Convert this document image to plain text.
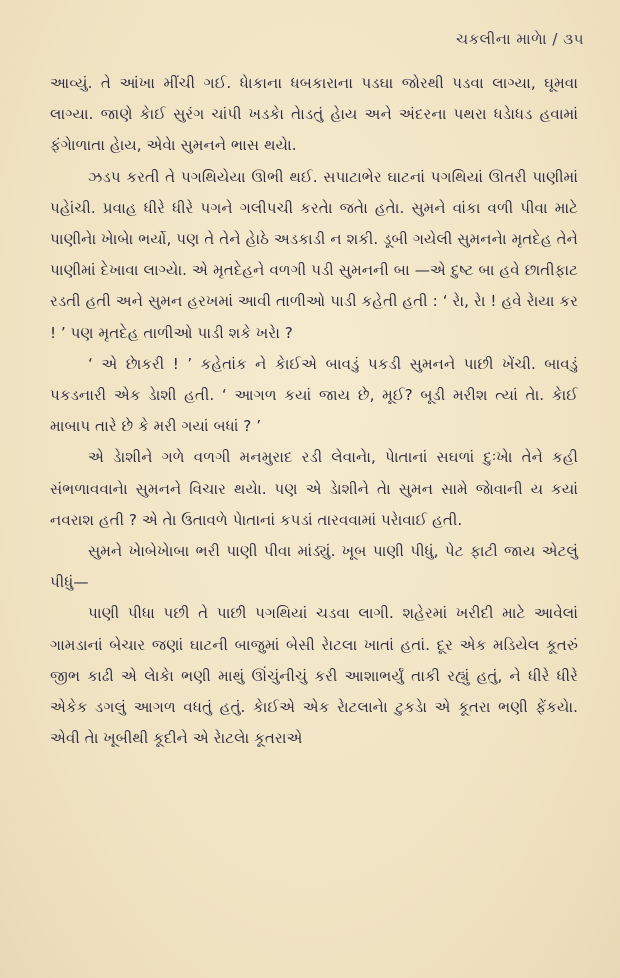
ચકલીના માળેા / ૩૫

આવ્યું. તે આંખા મીંચી ગઈ. ધેાકાના ધબકારાના પડઘા જોરથી પડવા લાગ્યા, ઘૂમવા લાગ્યા. જાણે કેાઈ સુરંગ ચાંપી ખડકેા તેાડતું હેાય અને અંદરના પથરા ધડેાધડ હવામાં ફંગેાળાતા હેાય, એવેા સુમનને ભાસ થયેા.

ઝડપ કરતી તે પગથિયેયા ઊભી થઈ. સપાટાભેર ઘાટનાં પગથિયાં ઊતરી પાણીમાં પહેાંચી. પ્રવાહ ધીરે ધીરે પગને ગલીપચી કરતેા જતેા હતેા. સુમને વાંકા વળી પીવા માટે પાણીનેા ખેાબેા ભર્યો, પણ તે તેને હેાઠે અડકાડી ન શકી. ડૂબી ગયેલી સુમનનેા મૃતદેહ તેને પાણીમાં દેખાવા લાગ્યેા. એ મૃતદેહને વળગી પડી સુમનની બા —એ દુષ્ટ બા હવે છાતીફાટ રડતી હતી અને સુમન હરખમાં આવી તાળીઓ પાડી કહેતી હતી : ‘ રેા, રેા ! હવે રેાયા કર ! ’ પણ મૃતદેહ તાળીઓ પાડી શકે ખરેા ?

‘ એ છેાકરી ! ’ કહેતાંક ને કેાઈએ બાવડું પકડી સુમનને પાછી ખેંચી. બાવડું પકડનારી એક ડેાશી હતી. ‘ આગળ કયાં જાય છે, મૂઈ? બૂડી મરીશ ત્યાં તેા. કેાઈ માબાપ તારે છે કે મરી ગયાં બધાં ? ’

એ ડેાશીને ગળે વળગી મનમુરાદ રડી લેવાનેા, પેાતાનાં સઘળાં દુઃખેા તેને કહી સંભળાવવાનેા સુમનને વિચાર થયેા. પણ એ ડેાશીને તેા સુમન સામે જેાવાની ય કયાં નવરાશ હતી ? એ તેા ઉતાવળે પેાતાનાં કપડાં તારવવામાં પરેાવાઈ હતી.

સુમને ખેાબેખેાબા ભરી પાણી પીવા માંડ્યું. ખૂબ પાણી પીધું, પેટ ફાટી જાય એટલું પીધું—

પાણી પીધા પછી તે પાછી પગથિયાં ચડવા લાગી. શહેરમાં ખરીદી માટે આવેલાં ગામડાનાં બેચાર જણાં ઘાટની બાજુમાં બેસી રેાટલા ખાતાં હતાં. દૂર એક મડિયેલ કૂતરું જીભ કાઢી એ લેાકેા ભણી માથું ઊંચુંનીચું કરી આશાભર્યું તાકી રહ્યું હતું, ને ધીરે ધીરે એકેક ડગલું આગળ વધતું હતું. કેાઈએ એક રેાટલાનેા ટુકડેા એ કૂતરા ભણી ફેંકયેા. એવી તેા ખૂબીથી કૂદીને એ રેાટલેા કૂતરાએ
